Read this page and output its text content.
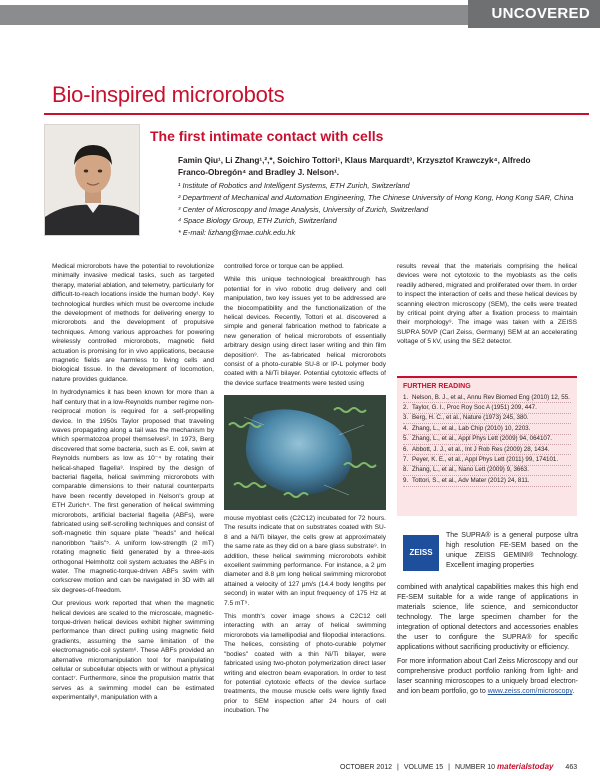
UNCOVERED
Bio-inspired microrobots
The first intimate contact with cells
Famin Qiu¹, Li Zhang¹,²,*, Soichiro Tottori¹, Klaus Marquardt³, Krzysztof Krawczyk⁴, Alfredo
Franco-Obregón⁴ and Bradley J. Nelson¹.
¹ Institute of Robotics and Intelligent Systems, ETH Zurich, Switzerland
² Department of Mechanical and Automation Engineering, The Chinese University of Hong Kong, Hong Kong SAR, China
³ Center of Microscopy and Image Analysis, University of Zurich, Switzerland
⁴ Space Biology Group, ETH Zurich, Switzerland
* E-mail: lizhang@mae.cuhk.edu.hk

Medical microrobots have the potential to revolutionize minimally invasive medical tasks, such as targeted therapy, material ablation, and telemetry, particularly for difficult-to-reach locations inside the human body¹. Key technological hurdles which must be overcome include the development of methods for delivering energy to microrobots and the development of propulsive techniques. Among various approaches for powering wirelessly controlled microrobots, magnetic field actuation is promising for in vivo applications, because magnetic fields are harmless to living cells and biological tissue. In the development of locomotion, nature provides guidance.

In hydrodynamics it has been known for more than a half century that in a low-Reynolds number regime non-reciprocal motion is required for a self-propelling device. In the 1950s Taylor proposed that traveling waves propagating along a tail was the mechanism by which spermatozoa propel themselves². In 1973, Berg discovered that some bacteria, such as E. coli, swim at Reynolds numbers as low as 10⁻⁴ by rotating their helical-shaped flagella³. Inspired by the design of bacterial flagella, helical swimming microrobots with comparable dimensions to their natural counterparts have been recently developed in Nelson's group at ETH Zurich⁴. The first generation of helical swimming microrobots, artificial bacterial flagella (ABFs), were fabricated using self-scrolling techniques and consist of soft-magnetic thin square plate "heads" and helical nanoribbon "tails"⁵. A uniform low-strength (2 mT) rotating magnetic field generated by a three-axis orthogonal Helmholtz coil system actuates the ABFs in water. The magnetic-torque-driven ABFs swim with corkscrew motion and can be navigated in 3D with all six degrees-of-freedom.

Our previous work reported that when the magnetic helical devices are scaled to the microscale, magnetic-torque-driven helical devices exhibit higher swimming performance than direct pulling using magnetic field gradients, assuming the same limitation of the electromagnetic-coil system⁶. These ABFs provided an alternative micromanipulation tool for manipulating cellular or subcellular objects with or without a physical contact⁷. Furthermore, since the propulsion matrix that serves as a swimming model can be estimated experimentally⁸, manipulation with a

controlled force or torque can be applied.

While this unique technological breakthrough has potential for in vivo robotic drug delivery and cell manipulation, two key issues yet to be addressed are the biocompatibility and the functionalization of the helical devices. Recently, Tottori et al. discovered a simple and general fabrication method to fabricate a new generation of helical microrobots of essentially arbitrary design using direct laser writing and thin film deposition⁹. The as-fabricated helical microrobots consist of a photo-curable SU-8 or IP-L polymer body coated with a Ni/Ti bilayer. Potential cytotoxic effects of the device surface treatments were tested using

mouse myoblast cells (C2C12) incubated for 72 hours. The results indicate that on substrates coated with SU-8 and a Ni/Ti bilayer, the cells grew at approximately the same rate as they did on a bare glass substrate⁹. In addition, these helical swimming microrobots exhibit excellent swimming performance. For instance, a 2 μm diameter and 8.8 μm long helical swimming microrobot attained a velocity of 127 μm/s (14.4 body lengths per second) in water with an input frequency of 175 Hz at 7.5 mT⁹.

This month's cover image shows a C2C12 cell interacting with an array of helical swimming microrobots via lamellipodial and filopodial interactions. The helices, consisting of photo-curable polymer "bodies" coated with a thin Ni/Ti bilayer, were fabricated using two-photon polymerization direct laser writing and electron beam evaporation. In order to test for potential cytotoxic effects of the device surface treatments, the mouse muscle cells were lightly fixed prior to SEM inspection after 24 hours of cell incubation. The

results reveal that the materials comprising the helical devices were not cytotoxic to the myoblasts as the cells readily adhered, migrated and proliferated over them. In order to inspect the interaction of cells and these helical devices by scanning electron microscopy (SEM), the cells were treated by critical point drying after a fixation process to maintain their morphology⁹. The image was taken with a ZEISS SUPRA 50VP (Carl Zeiss, Germany) SEM at an accelerating voltage of 5 kV, using the SE2 detector.

FURTHER READING
1. Nelson, B. J., et al., Annu Rev Biomed Eng (2010) 12, 55.
2. Taylor, G. I., Proc Roy Soc A (1951) 209, 447.
3. Berg, H. C., et al., Nature (1973) 245, 380.
4. Zhang, L., et al., Lab Chip (2010) 10, 2203.
5. Zhang, L., et al., Appl Phys Lett (2009) 94, 064107.
6. Abbott, J. J., et al., Int J Rob Res (2009) 28, 1434.
7. Peyer, K. E., et al., Appl Phys Lett (2011) 99, 174101.
8. Zhang, L., et al., Nano Lett (2009) 9, 3663.
9. Tottori, S., et al., Adv Mater (2012) 24, 811.
ZEISS
The SUPRA® is a general purpose ultra high resolution FE-SEM based on the unique ZEISS GEMINI® Technology. Excellent imaging properties

combined with analytical capabilities makes this high end FE-SEM suitable for a wide range of applications in materials science, life science, and semiconductor technology. The large specimen chamber for the integration of optional detectors and accessories enables the user to configure the SUPRA® for specific applications without sacrificing productivity or efficiency.

For more information about Carl Zeiss Microscopy and our comprehensive product portfolio ranking from light- and laser scanning microscopes to a uniquely broad electron- and ion beam portfolio, go to www.zeiss.com/microscopy.

OCTOBER 2012 | VOLUME 15 | NUMBER 10 materialstoday 463
